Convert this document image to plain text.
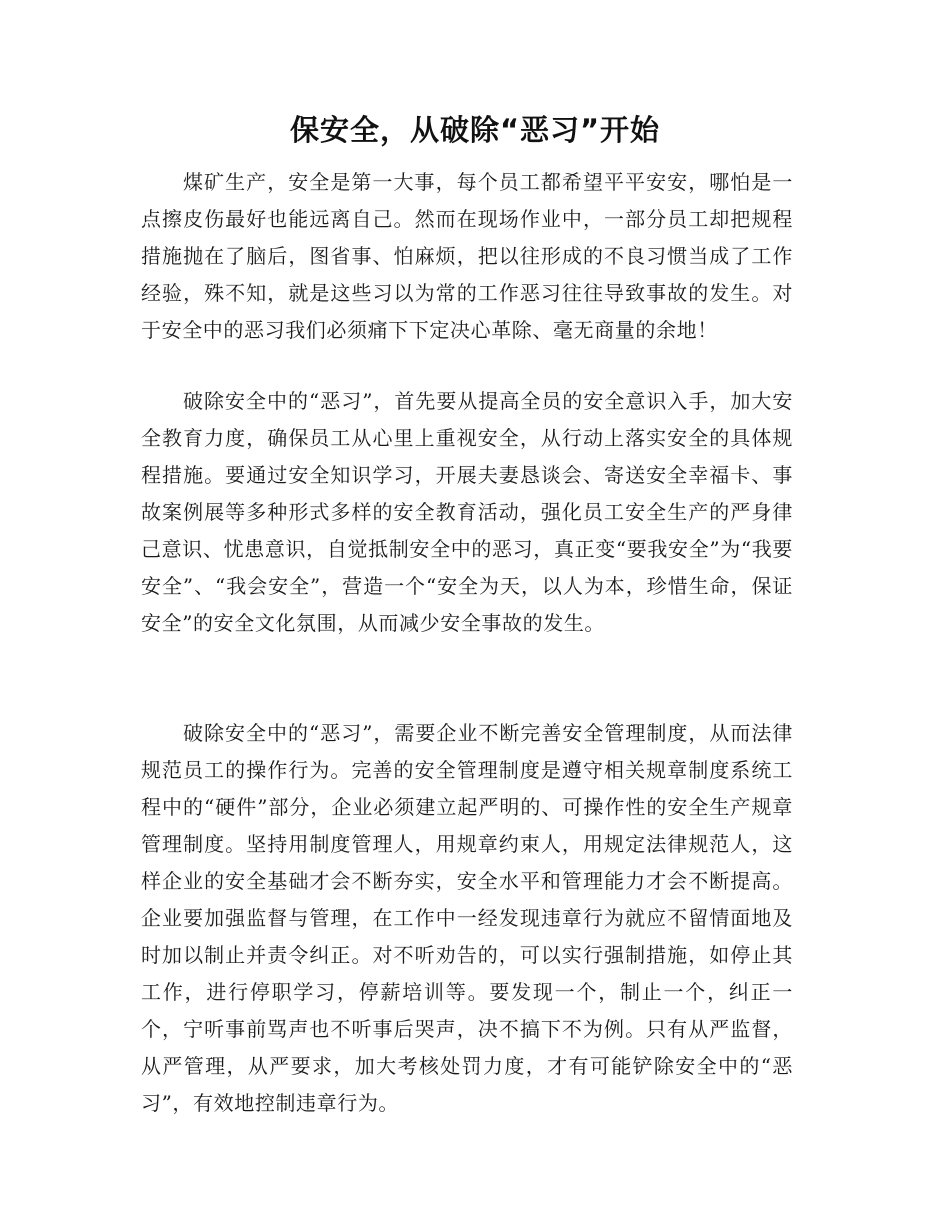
保安全，从破除“恶习”开始

煤矿生产，安全是第一大事，每个员工都希望平平安安，哪怕是一点擦皮伤最好也能远离自己。然而在现场作业中，一部分员工却把规程措施抛在了脑后，图省事、怕麻烦，把以往形成的不良习惯当成了工作经验，殊不知，就是这些习以为常的工作恶习往往导致事故的发生。对于安全中的恶习我们必须痛下下定决心革除、毫无商量的余地！

破除安全中的“恶习”，首先要从提高全员的安全意识入手，加大安全教育力度，确保员工从心里上重视安全，从行动上落实安全的具体规程措施。要通过安全知识学习，开展夫妻恳谈会、寄送安全幸福卡、事故案例展等多种形式多样的安全教育活动，强化员工安全生产的严身律己意识、忧患意识，自觉抵制安全中的恶习，真正变“要我安全”为“我要安全”、“我会安全”，营造一个“安全为天，以人为本，珍惜生命，保证安全”的安全文化氛围，从而减少安全事故的发生。

破除安全中的“恶习”，需要企业不断完善安全管理制度，从而法律规范员工的操作行为。完善的安全管理制度是遵守相关规章制度系统工程中的“硬件”部分，企业必须建立起严明的、可操作性的安全生产规章管理制度。坚持用制度管理人，用规章约束人，用规定法律规范人，这样企业的安全基础才会不断夯实，安全水平和管理能力才会不断提高。企业要加强监督与管理，在工作中一经发现违章行为就应不留情面地及时加以制止并责令纠正。对不听劝告的，可以实行强制措施，如停止其工作，进行停职学习，停薪培训等。要发现一个，制止一个，纠正一个，宁听事前骂声也不听事后哭声，决不搞下不为例。只有从严监督，从严管理，从严要求，加大考核处罚力度，才有可能铲除安全中的“恶习”，有效地控制违章行为。
